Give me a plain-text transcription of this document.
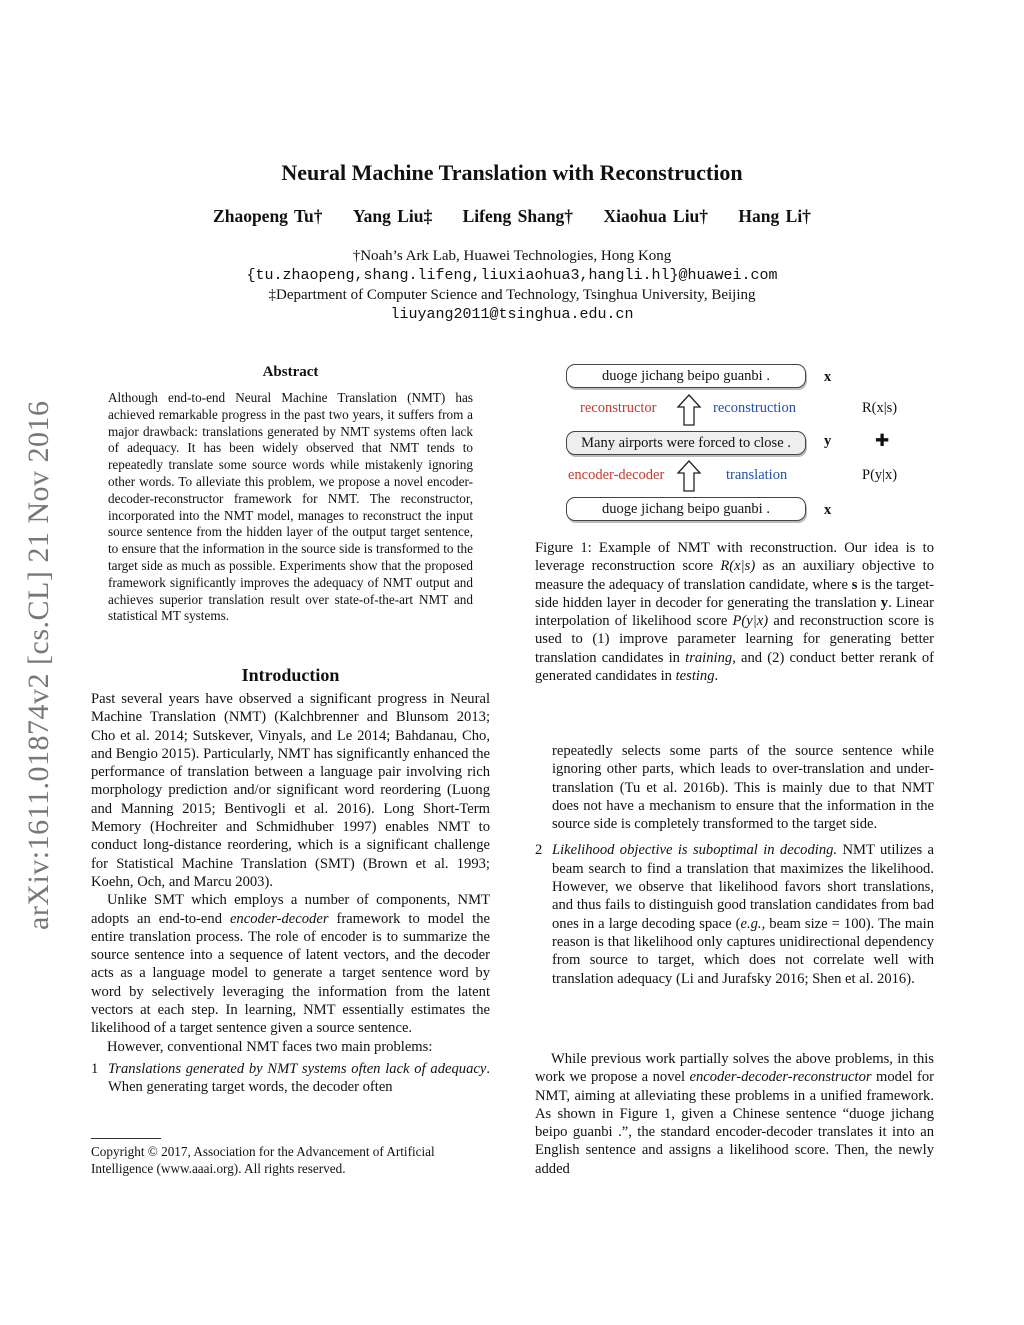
arXiv:1611.01874v2 [cs.CL] 21 Nov 2016
Neural Machine Translation with Reconstruction
Zhaopeng Tu† Yang Liu‡ Lifeng Shang† Xiaohua Liu† Hang Li†
†Noah’s Ark Lab, Huawei Technologies, Hong Kong
{tu.zhaopeng,shang.lifeng,liuxiaohua3,hangli.hl}@huawei.com
‡Department of Computer Science and Technology, Tsinghua University, Beijing
liuyang2011@tsinghua.edu.cn
Abstract
Although end-to-end Neural Machine Translation (NMT) has achieved remarkable progress in the past two years, it suffers from a major drawback: translations generated by NMT systems often lack of adequacy. It has been widely observed that NMT tends to repeatedly translate some source words while mistakenly ignoring other words. To alleviate this problem, we propose a novel encoder-decoder-reconstructor framework for NMT. The reconstructor, incorporated into the NMT model, manages to reconstruct the input source sentence from the hidden layer of the output target sentence, to ensure that the information in the source side is transformed to the target side as much as possible. Experiments show that the proposed framework significantly improves the adequacy of NMT output and achieves superior translation result over state-of-the-art NMT and statistical MT systems.
Introduction

Past several years have observed a significant progress in Neural Machine Translation (NMT) (Kalchbrenner and Blunsom 2013; Cho et al. 2014; Sutskever, Vinyals, and Le 2014; Bahdanau, Cho, and Bengio 2015). Particularly, NMT has significantly enhanced the performance of translation between a language pair involving rich morphology prediction and/or significant word reordering (Luong and Manning 2015; Bentivogli et al. 2016). Long Short-Term Memory (Hochreiter and Schmidhuber 1997) enables NMT to conduct long-distance reordering, which is a significant challenge for Statistical Machine Translation (SMT) (Brown et al. 1993; Koehn, Och, and Marcu 2003).

Unlike SMT which employs a number of components, NMT adopts an end-to-end encoder-decoder framework to model the entire translation process. The role of encoder is to summarize the source sentence into a sequence of latent vectors, and the decoder acts as a language model to generate a target sentence word by word by selectively leveraging the information from the latent vectors at each step. In learning, NMT essentially estimates the likelihood of a target sentence given a source sentence.

However, conventional NMT faces two main problems:

1 Translations generated by NMT systems often lack of adequacy. When generating target words, the decoder often

Copyright © 2017, Association for the Advancement of Artificial Intelligence (www.aaai.org). All rights reserved.
duoge jichang beipo guanbi .	x
reconstructor	reconstruction	R(x|s)
Many airports were forced to close .	y	✚
encoder-decoder	translation	P(y|x)
duoge jichang beipo guanbi .	x

Figure 1: Example of NMT with reconstruction. Our idea is to leverage reconstruction score R(x|s) as an auxiliary objective to measure the adequacy of translation candidate, where s is the target-side hidden layer in decoder for generating the translation y. Linear interpolation of likelihood score P(y|x) and reconstruction score is used to (1) improve parameter learning for generating better translation candidates in training, and (2) conduct better rerank of generated candidates in testing.

repeatedly selects some parts of the source sentence while ignoring other parts, which leads to over-translation and under-translation (Tu et al. 2016b). This is mainly due to that NMT does not have a mechanism to ensure that the information in the source side is completely transformed to the target side.

2 Likelihood objective is suboptimal in decoding. NMT utilizes a beam search to find a translation that maximizes the likelihood. However, we observe that likelihood favors short translations, and thus fails to distinguish good translation candidates from bad ones in a large decoding space (e.g., beam size = 100). The main reason is that likelihood only captures unidirectional dependency from source to target, which does not correlate well with translation adequacy (Li and Jurafsky 2016; Shen et al. 2016).

While previous work partially solves the above problems, in this work we propose a novel encoder-decoder-reconstructor model for NMT, aiming at alleviating these problems in a unified framework. As shown in Figure 1, given a Chinese sentence “duoge jichang beipo guanbi .”, the standard encoder-decoder translates it into an English sentence and assigns a likelihood score. Then, the newly added
